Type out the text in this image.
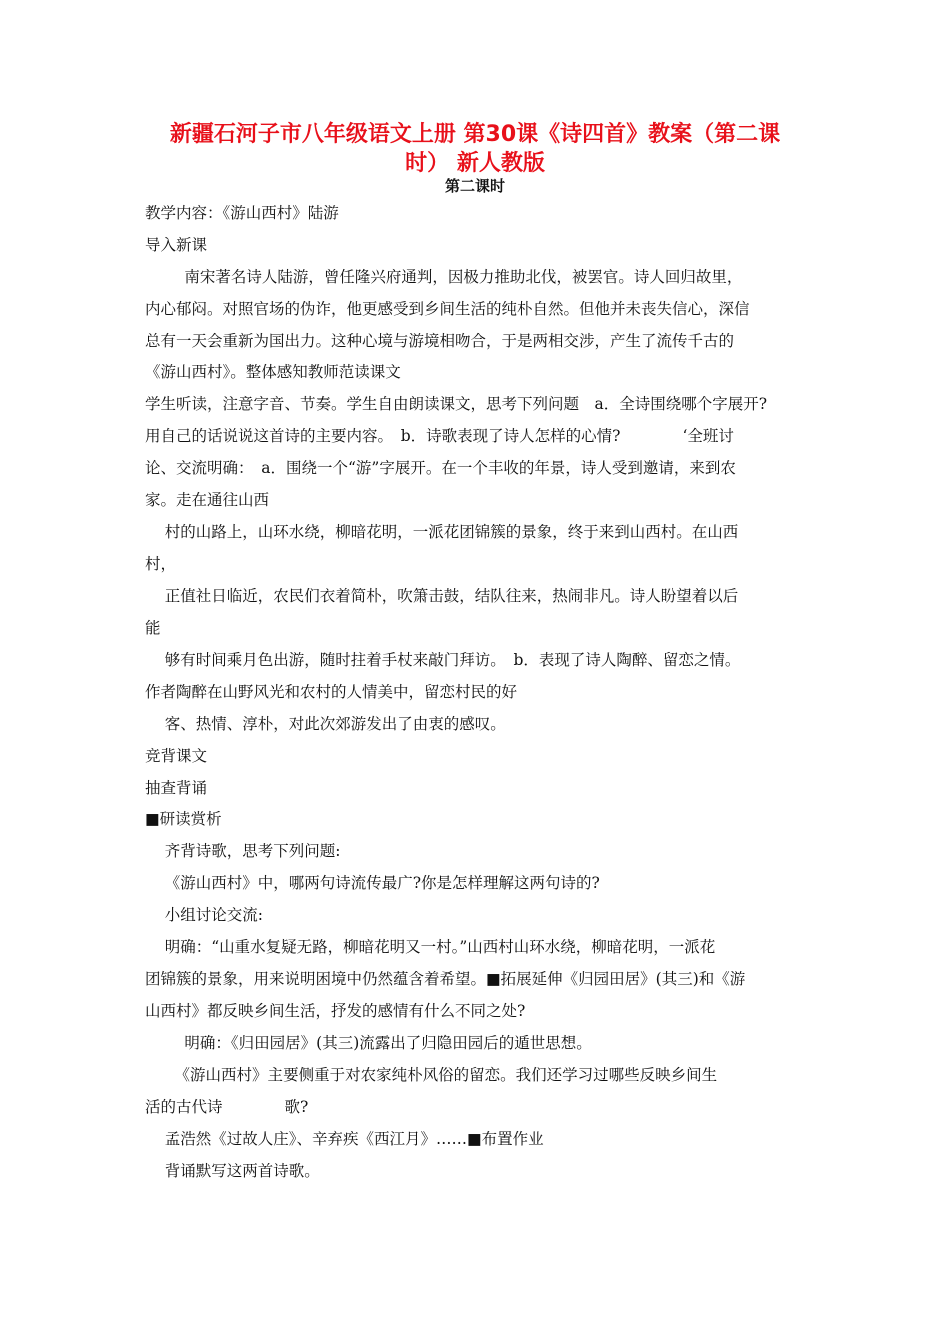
新疆石河子市八年级语文上册 第30课《诗四首》教案（第二课
时） 新人教版
第二课时
教学内容：《游山西村》陆游
导入新课
南宋著名诗人陆游，曾任隆兴府通判，因极力推助北伐，被罢官。诗人回归故里，
内心郁闷。对照官场的伪诈，他更感受到乡间生活的纯朴自然。但他并未丧失信心，深信
总有一天会重新为国出力。这种心境与游境相吻合，于是两相交涉，产生了流传千古的
《游山西村》。整体感知教师范读课文
学生听读，注意字音、节奏。学生自由朗读课文，思考下列问题　a．全诗围绕哪个字展开?
用自己的话说说这首诗的主要内容。　b．诗歌表现了诗人怎样的心情?　　　　‘全班讨
论、交流明确：　a．围绕一个“游”字展开。在一个丰收的年景，诗人受到邀请，来到农
家。走在通往山西
村的山路上，山环水绕，柳暗花明，一派花团锦簇的景象，终于来到山西村。在山西
村，
正值社日临近，农民们衣着简朴，吹箫击鼓，结队往来，热闹非凡。诗人盼望着以后
能
够有时间乘月色出游，随时拄着手杖来敲门拜访。　b．表现了诗人陶醉、留恋之情。
作者陶醉在山野风光和农村的人情美中，留恋村民的好
客、热情、淳朴，对此次郊游发出了由衷的感叹。
竞背课文
抽查背诵
■研读赏析
齐背诗歌，思考下列问题:
《游山西村》中，哪两句诗流传最广?你是怎样理解这两句诗的?
小组讨论交流:
明确：“山重水复疑无路，柳暗花明又一村。”山西村山环水绕，柳暗花明，一派花
团锦簇的景象，用来说明困境中仍然蕴含着希望。■拓展延伸《归园田居》(其三)和《游
山西村》都反映乡间生活，抒发的感情有什么不同之处?
明确：《归田园居》(其三)流露出了归隐田园后的遁世思想。
《游山西村》主要侧重于对农家纯朴风俗的留恋。我们还学习过哪些反映乡间生
活的古代诗　　　　歌?
孟浩然《过故人庄》、辛弃疾《西江月》……■布置作业
背诵默写这两首诗歌。
